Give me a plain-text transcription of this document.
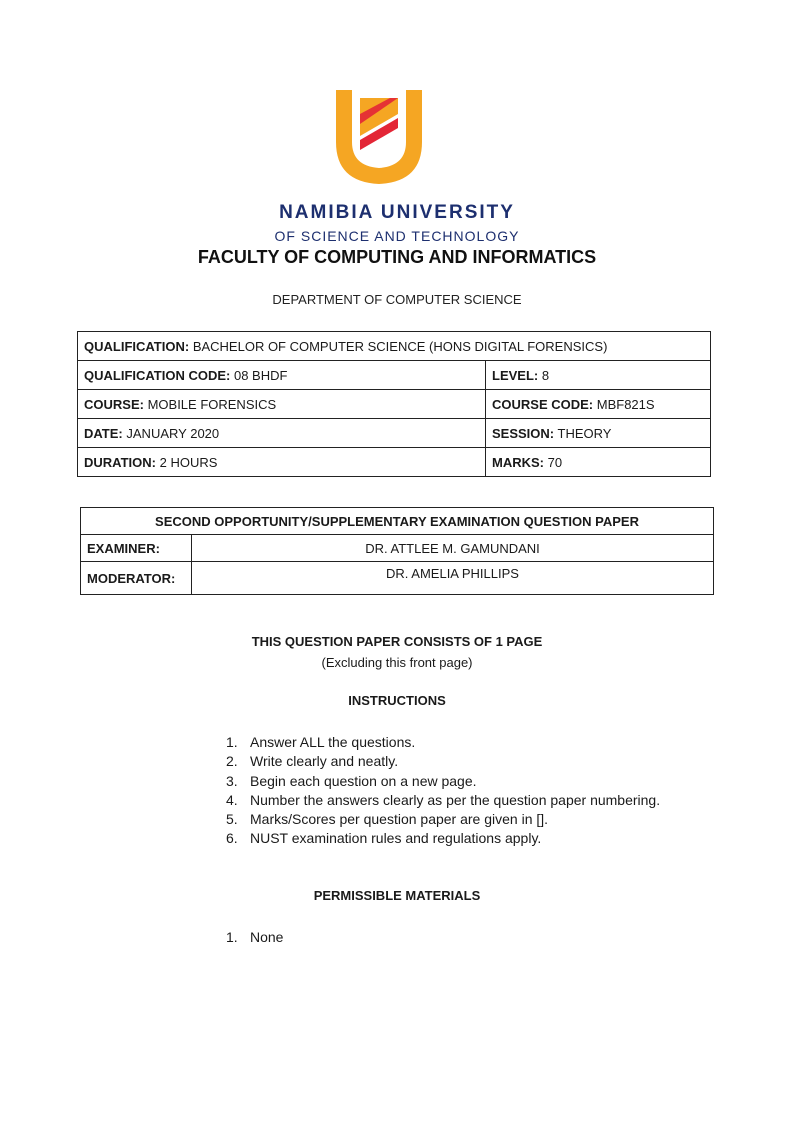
NAMIBIA UNIVERSITY
OF SCIENCE AND TECHNOLOGY
FACULTY OF COMPUTING AND INFORMATICS
DEPARTMENT OF COMPUTER SCIENCE
QUALIFICATION: BACHELOR OF COMPUTER SCIENCE (HONS DIGITAL FORENSICS)	
QUALIFICATION CODE: 08 BHDF	LEVEL: 8
COURSE: MOBILE FORENSICS	COURSE CODE: MBF821S
DATE: JANUARY 2020	SESSION: THEORY
DURATION: 2 HOURS	MARKS: 70
SECOND OPPORTUNITY/SUPPLEMENTARY EXAMINATION QUESTION PAPER	
EXAMINER:	DR. ATTLEE M. GAMUNDANI
MODERATOR:	DR. AMELIA PHILLIPS
THIS QUESTION PAPER CONSISTS OF 1 PAGE
(Excluding this front page)
INSTRUCTIONS
1. Answer ALL the questions.
2. Write clearly and neatly.
3. Begin each question on a new page.
4. Number the answers clearly as per the question paper numbering.
5. Marks/Scores per question paper are given in [].
6. NUST examination rules and regulations apply.
PERMISSIBLE MATERIALS
1. None
